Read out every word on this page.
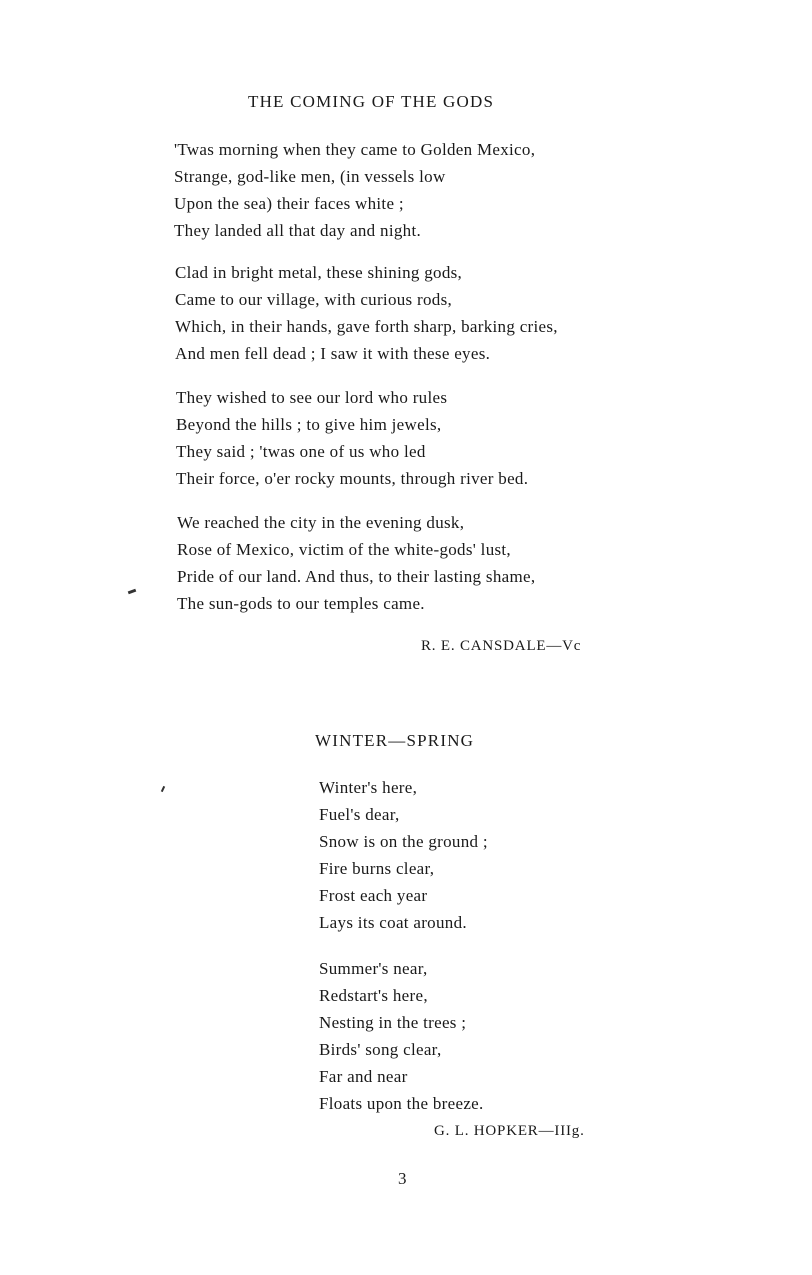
THE COMING OF THE GODS
'Twas morning when they came to Golden Mexico,
Strange, god-like men, (in vessels low
Upon the sea) their faces white ;
They landed all that day and night.
Clad in bright metal, these shining gods,
Came to our village, with curious rods,
Which, in their hands, gave forth sharp, barking cries,
And men fell dead ; I saw it with these eyes.
They wished to see our lord who rules
Beyond the hills ; to give him jewels,
They said ; 'twas one of us who led
Their force, o'er rocky mounts, through river bed.
We reached the city in the evening dusk,
Rose of Mexico, victim of the white-gods' lust,
Pride of our land. And thus, to their lasting shame,
The sun-gods to our temples came.
R. E. CANSDALE—Vc
WINTER—SPRING
Winter's here,
Fuel's dear,
Snow is on the ground ;
Fire burns clear,
Frost each year
Lays its coat around.
Summer's near,
Redstart's here,
Nesting in the trees ;
Birds' song clear,
Far and near
Floats upon the breeze.
G. L. HOPKER—IIIg.
3
